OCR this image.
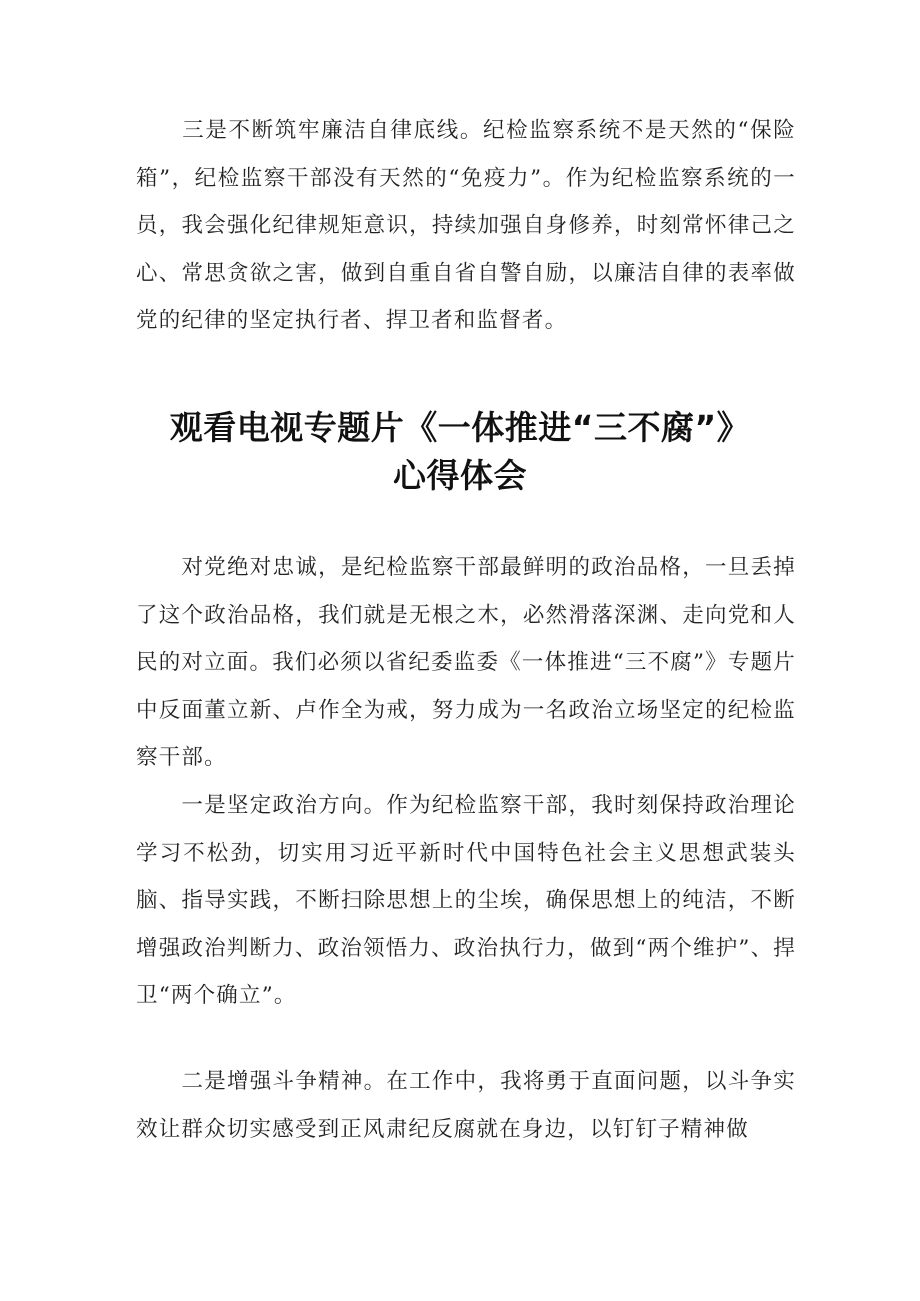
　　三是不断筑牢廉洁自律底线。纪检监察系统不是天然的“保险箱”，纪检监察干部没有天然的“免疫力”。作为纪检监察系统的一员，我会强化纪律规矩意识，持续加强自身修养，时刻常怀律己之心、常思贪欲之害，做到自重自省自警自励，以廉洁自律的表率做党的纪律的坚定执行者、捍卫者和监督者。

观看电视专题片《一体推进“三不腐”》
心得体会

　　对党绝对忠诚，是纪检监察干部最鲜明的政治品格，一旦丢掉了这个政治品格，我们就是无根之木，必然滑落深渊、走向党和人民的对立面。我们必须以省纪委监委《一体推进“三不腐”》专题片中反面董立新、卢作全为戒，努力成为一名政治立场坚定的纪检监察干部。

　　一是坚定政治方向。作为纪检监察干部，我时刻保持政治理论学习不松劲，切实用习近平新时代中国特色社会主义思想武装头脑、指导实践，不断扫除思想上的尘埃，确保思想上的纯洁，不断增强政治判断力、政治领悟力、政治执行力，做到“两个维护”、捍卫“两个确立”。

　　二是增强斗争精神。在工作中，我将勇于直面问题，以斗争实效让群众切实感受到正风肃纪反腐就在身边，以钉钉子精神做
